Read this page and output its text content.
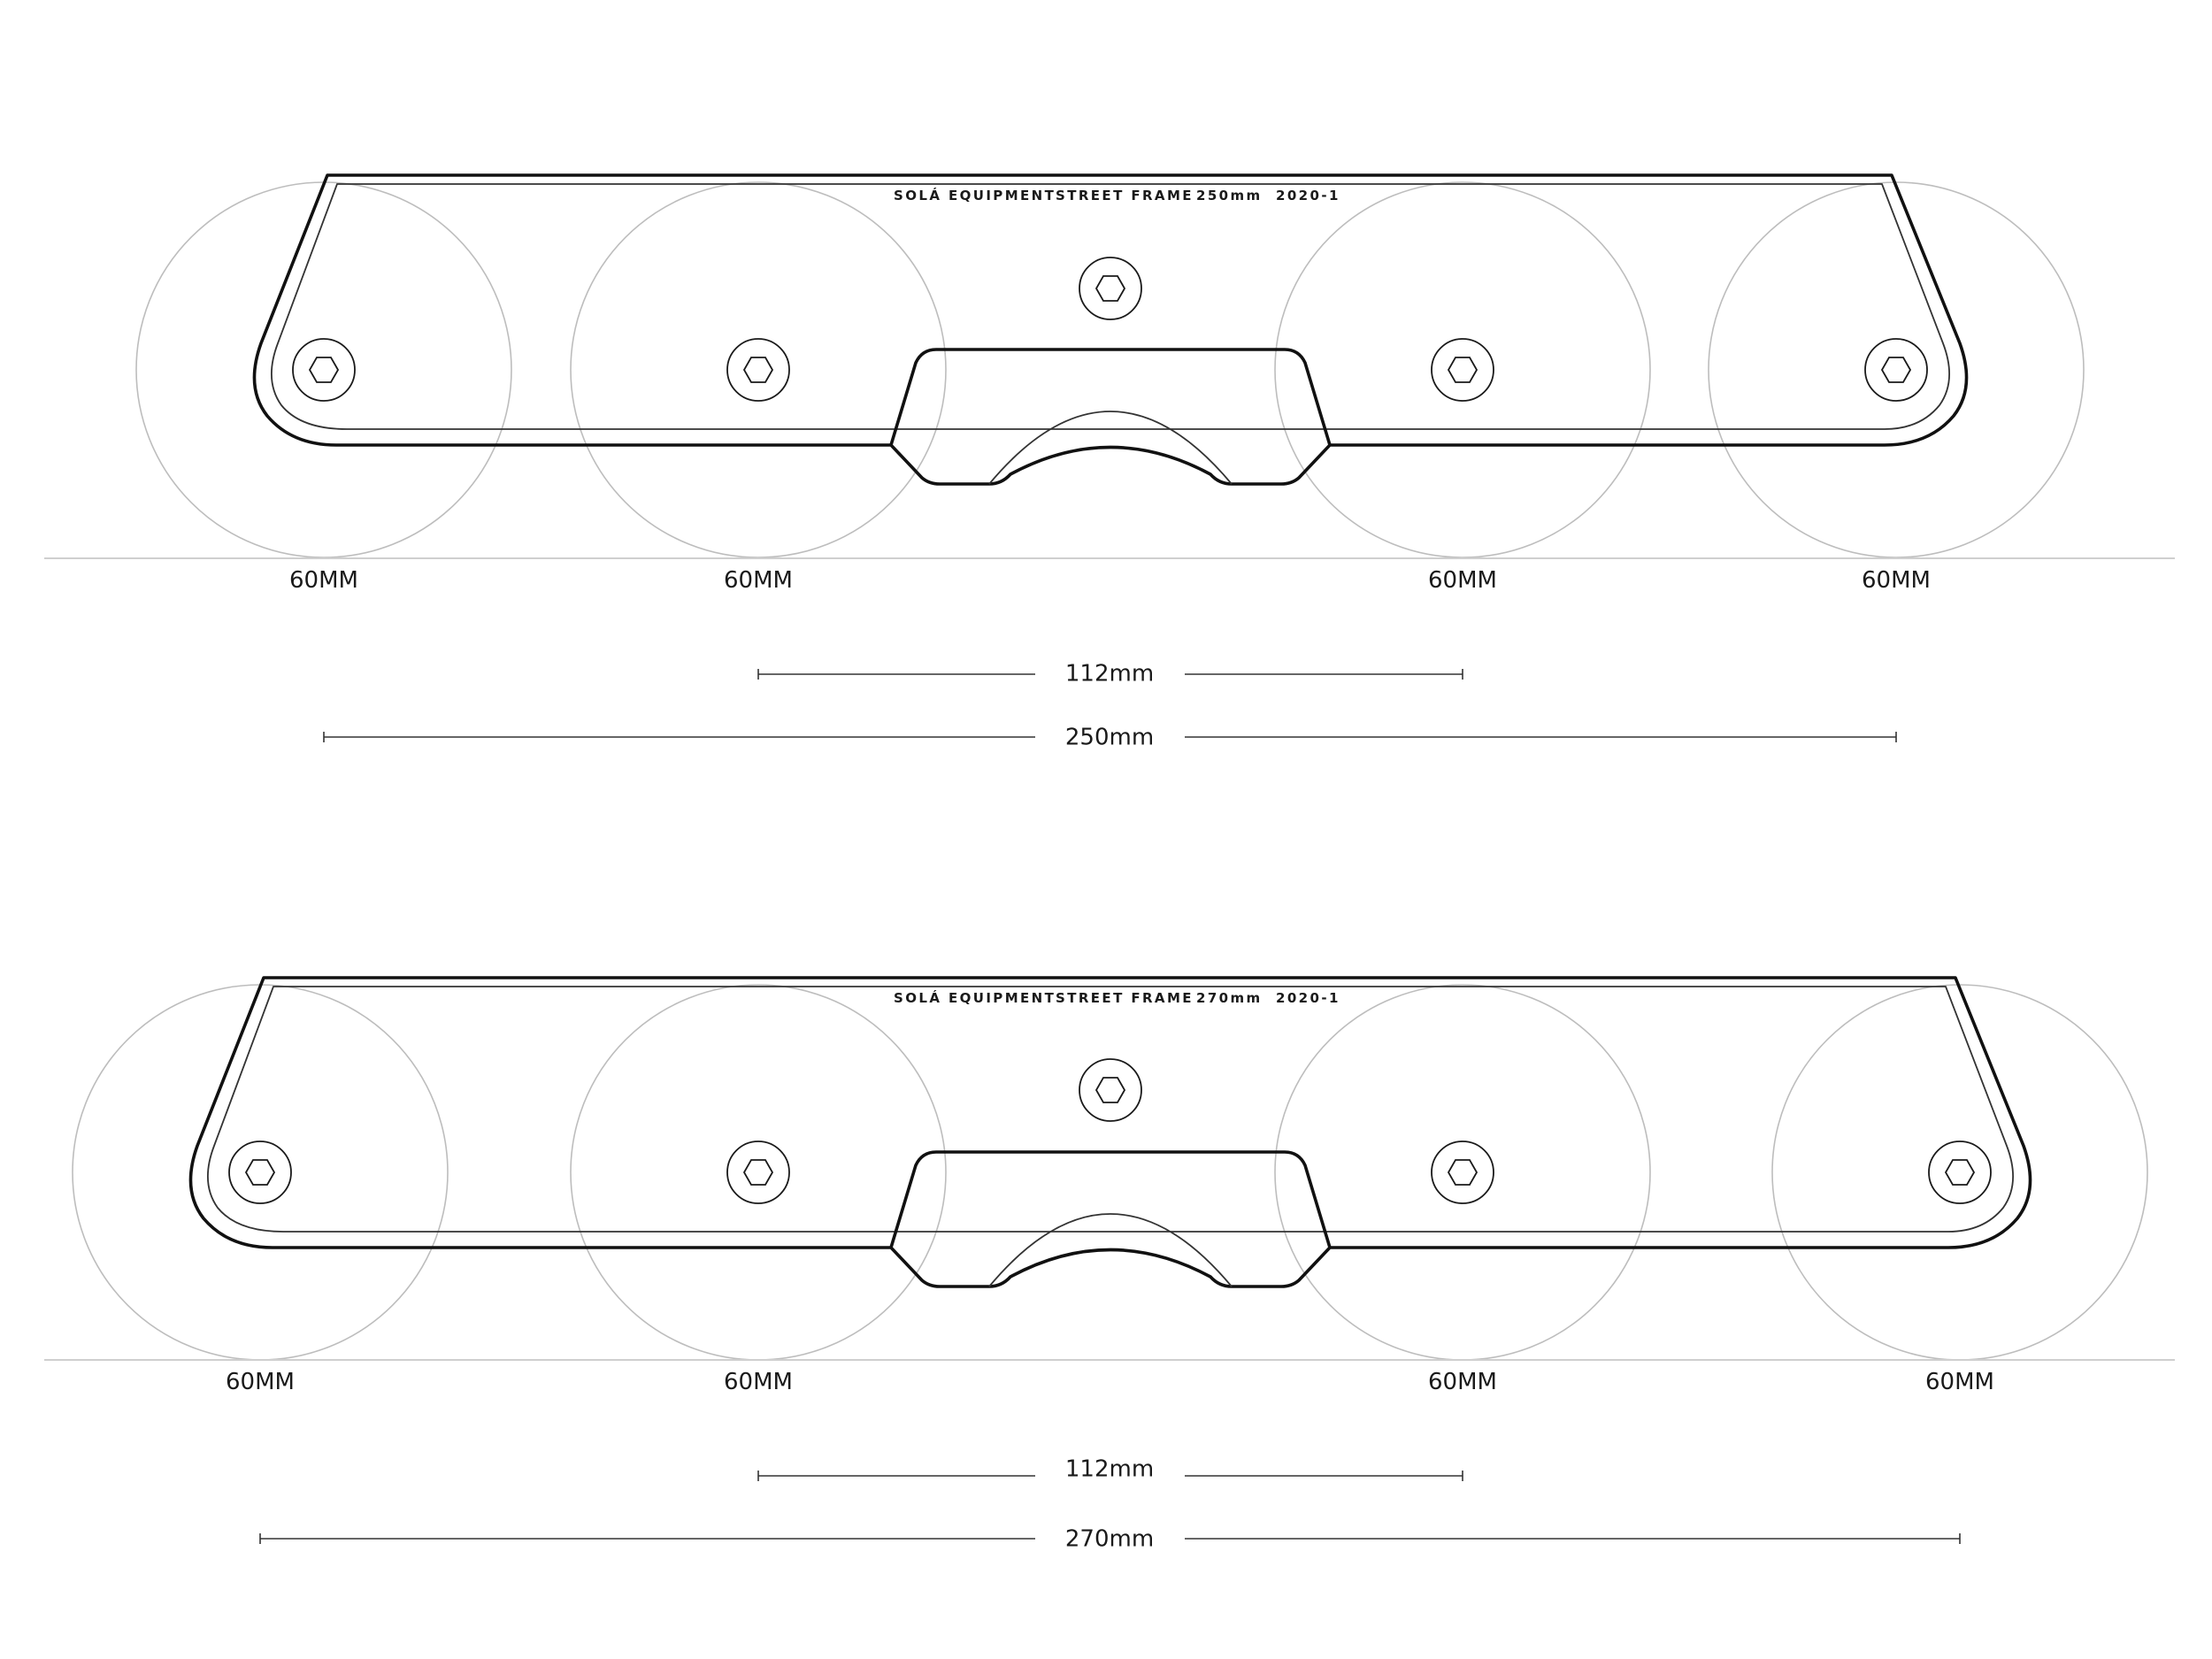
SOLÁ EQUIPMENT STREET FRAME 250mm 2020-1
60MM	60MM	60MM	60MM
112mm
250mm
SOLÁ EQUIPMENT STREET FRAME 270mm 2020-1
60MM	60MM	60MM	60MM
112mm
270mm
